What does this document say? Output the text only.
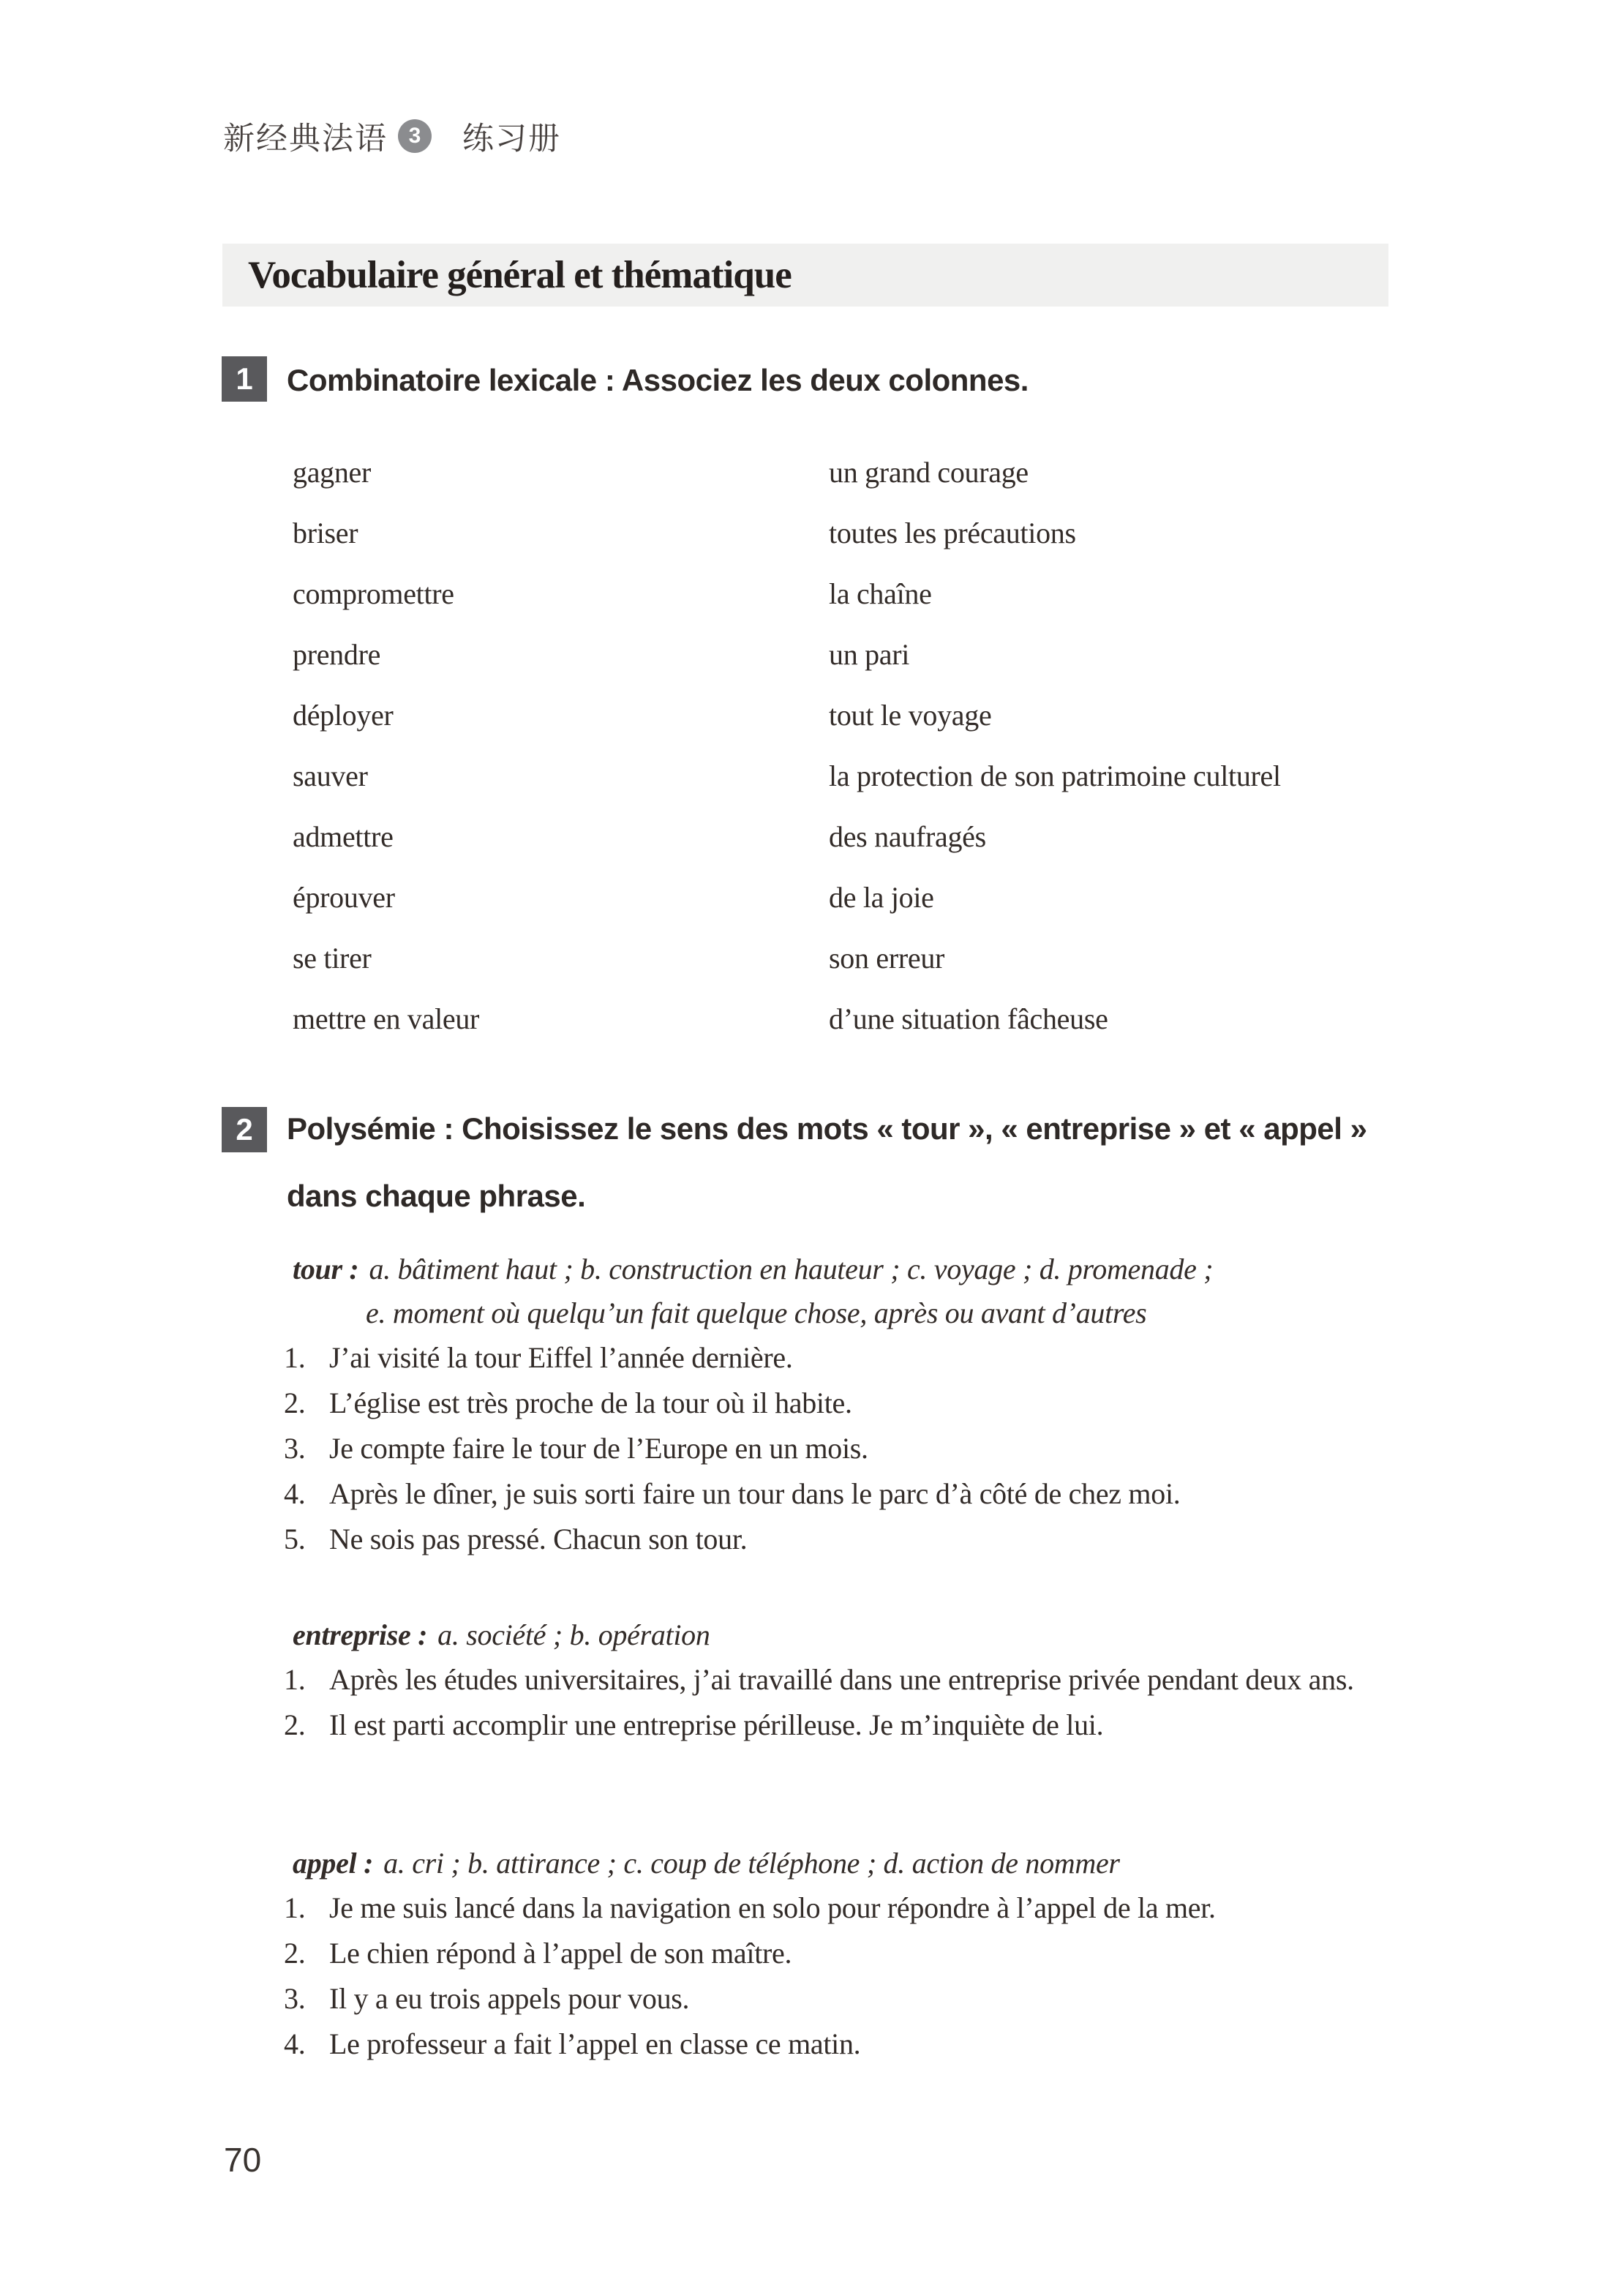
新经典法语 3	练习册
Vocabulaire général et thématique
1	Combinatoire lexicale : Associez les deux colonnes.
gagner	un grand courage
briser	toutes les précautions
compromettre	la chaîne
prendre	un pari
déployer	tout le voyage
sauver	la protection de son patrimoine culturel
admettre	des naufragés
éprouver	de la joie
se tirer	son erreur
mettre en valeur	d’une situation fâcheuse
2	Polysémie : Choisissez le sens des mots « tour », « entreprise » et « appel »
dans chaque phrase.
tour : a. bâtiment haut ; b. construction en hauteur ; c. voyage ; d. promenade ;
e. moment où quelqu’un fait quelque chose, après ou avant d’autres
1. J’ai visité la tour Eiffel l’année dernière.
2. L’église est très proche de la tour où il habite.
3. Je compte faire le tour de l’Europe en un mois.
4. Après le dîner, je suis sorti faire un tour dans le parc d’à côté de chez moi.
5. Ne sois pas pressé. Chacun son tour.
entreprise : a. société ; b. opération
1. Après les études universitaires, j’ai travaillé dans une entreprise privée pendant deux ans.
2. Il est parti accomplir une entreprise périlleuse. Je m’inquiète de lui.
appel : a. cri ; b. attirance ; c. coup de téléphone ; d. action de nommer
1. Je me suis lancé dans la navigation en solo pour répondre à l’appel de la mer.
2. Le chien répond à l’appel de son maître.
3. Il y a eu trois appels pour vous.
4. Le professeur a fait l’appel en classe ce matin.
70
